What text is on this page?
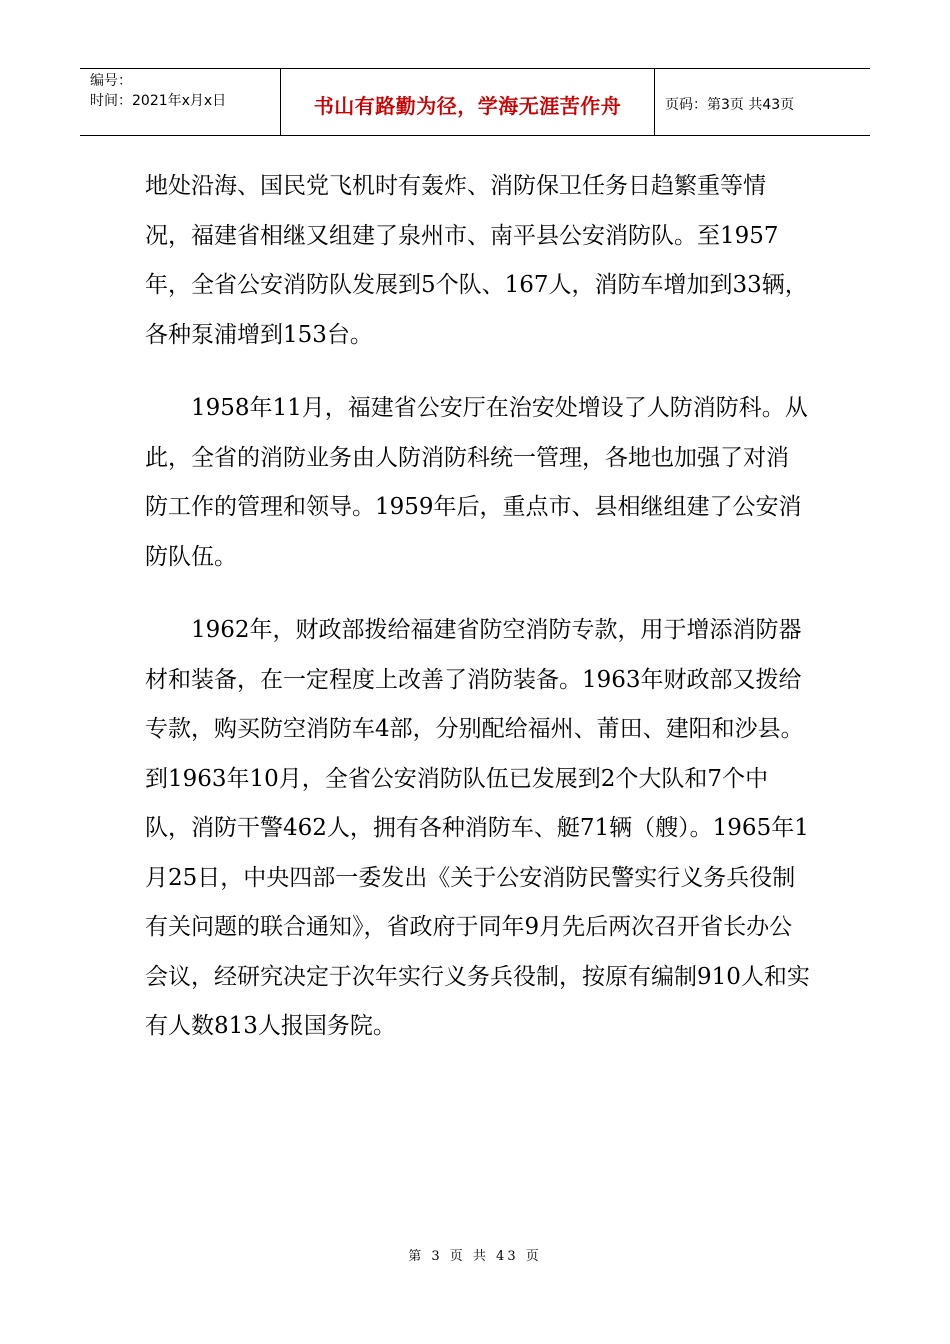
编号：
时间：2021年x月x日	书山有路勤为径，学海无涯苦作舟	页码：第3页 共43页

地处沿海、国民党飞机时有轰炸、消防保卫任务日趋繁重等情况，福建省相继又组建了泉州市、南平县公安消防队。至1957年，全省公安消防队发展到5个队、167人，消防车增加到33辆，各种泵浦增到153台。

1958年11月，福建省公安厅在治安处增设了人防消防科。从此，全省的消防业务由人防消防科统一管理，各地也加强了对消防工作的管理和领导。1959年后，重点市、县相继组建了公安消防队伍。

1962年，财政部拨给福建省防空消防专款，用于增添消防器材和装备，在一定程度上改善了消防装备。1963年财政部又拨给专款，购买防空消防车4部，分别配给福州、莆田、建阳和沙县。到1963年10月，全省公安消防队伍已发展到2个大队和7个中队，消防干警462人，拥有各种消防车、艇71辆（艘）。1965年1月25日，中央四部一委发出《关于公安消防民警实行义务兵役制有关问题的联合通知》，省政府于同年9月先后两次召开省长办公会议，经研究决定于次年实行义务兵役制，按原有编制910人和实有人数813人报国务院。

第 3 页 共 43 页
